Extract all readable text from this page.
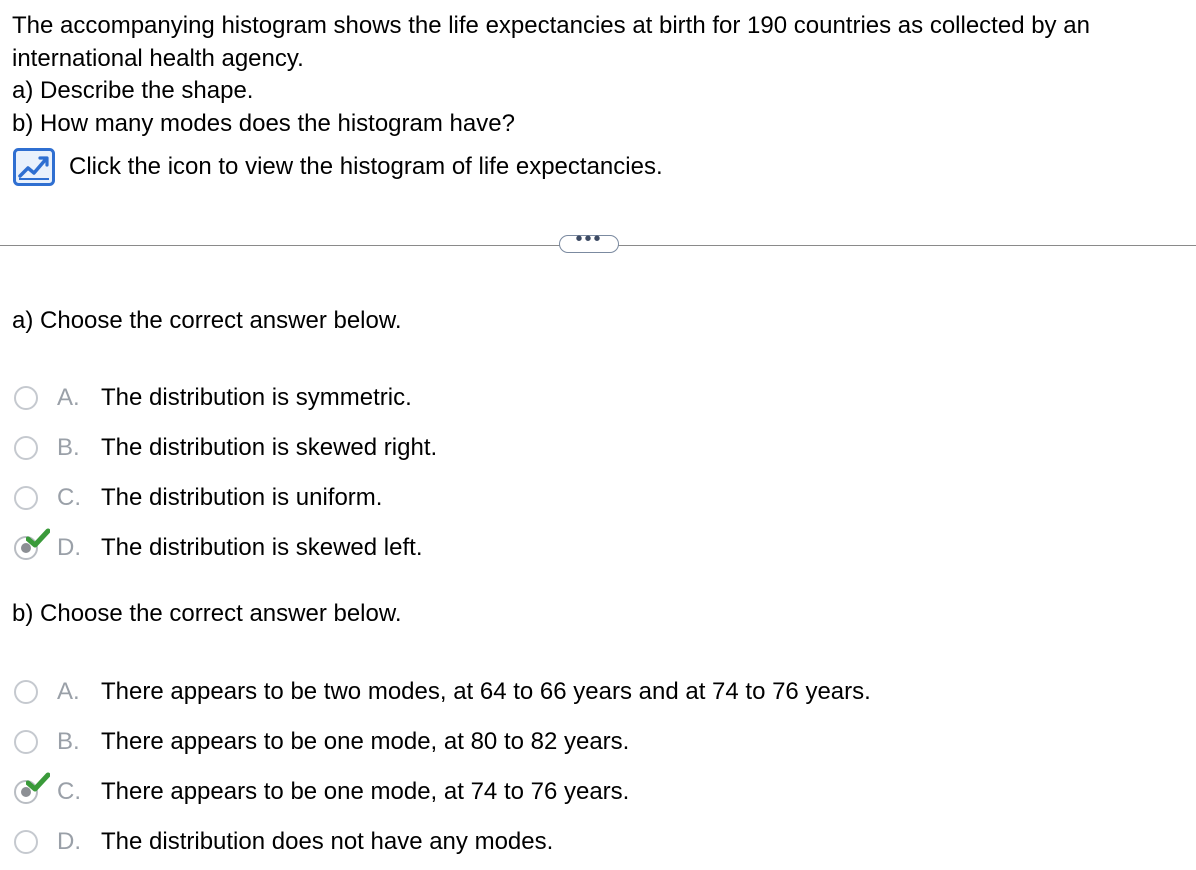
The accompanying histogram shows the life expectancies at birth for 190 countries as collected by an international health agency.

a) Describe the shape.

b) How many modes does the histogram have?

Click the icon to view the histogram of life expectancies.
•••
a) Choose the correct answer below.
A. The distribution is symmetric.
B. The distribution is skewed right.
C. The distribution is uniform.
D. The distribution is skewed left.
b) Choose the correct answer below.
A. There appears to be two modes, at 64 to 66 years and at 74 to 76 years.
B. There appears to be one mode, at 80 to 82 years.
C. There appears to be one mode, at 74 to 76 years.
D. The distribution does not have any modes.
